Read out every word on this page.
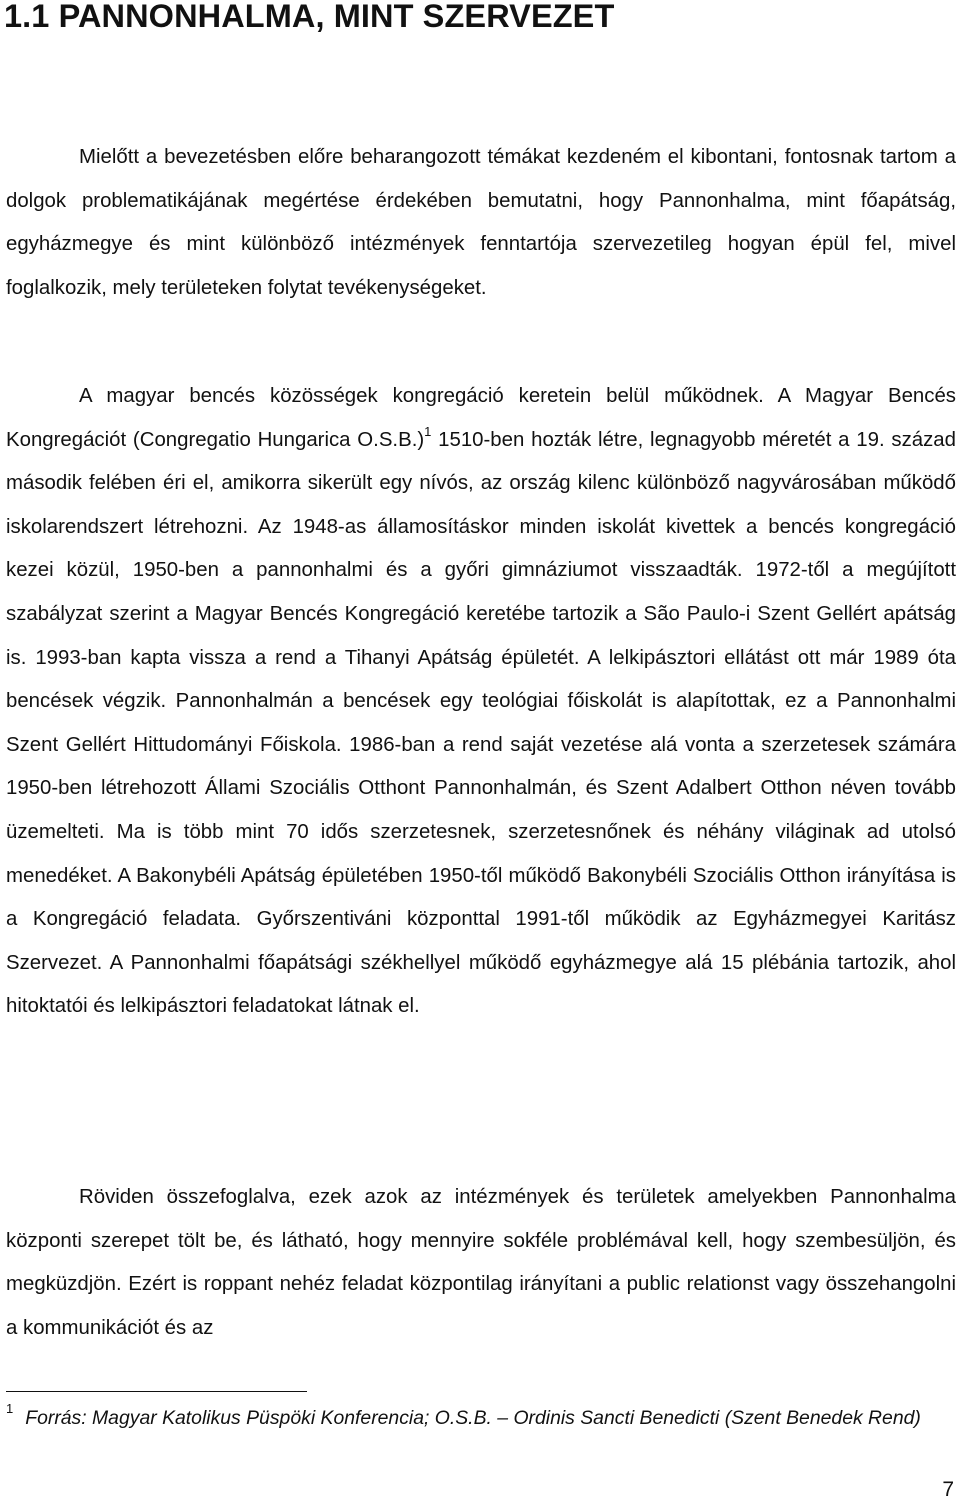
1.1 PANNONHALMA, MINT SZERVEZET

Mielőtt a bevezetésben előre beharangozott témákat kezdeném el kibontani, fontosnak tartom a dolgok problematikájának megértése érdekében bemutatni, hogy Pannonhalma, mint főapátság, egyházmegye és mint különböző intézmények fenntartója szervezetileg hogyan épül fel, mivel foglalkozik, mely területeken folytat tevékenységeket.

A magyar bencés közösségek kongregáció keretein belül működnek. A Magyar Bencés Kongregációt (Congregatio Hungarica O.S.B.)$^1$ 1510-ben hozták létre, legnagyobb méretét a 19. század második felében éri el, amikorra sikerült egy nívós, az ország kilenc különböző nagyvárosában működő iskolarendszert létrehozni. Az 1948-as államosításkor minden iskolát kivettek a bencés kongregáció kezei közül, 1950-ben a pannonhalmi és a győri gimnáziumot visszaadták. 1972-től a megújított szabályzat szerint a Magyar Bencés Kongregáció keretébe tartozik a São Paulo-i Szent Gellért apátság is. 1993-ban kapta vissza a rend a Tihanyi Apátság épületét. A lelkipásztori ellátást ott már 1989 óta bencések végzik. Pannonhalmán a bencések egy teológiai főiskolát is alapítottak, ez a Pannonhalmi Szent Gellért Hittudományi Főiskola. 1986-ban a rend saját vezetése alá vonta a szerzetesek számára 1950-ben létrehozott Állami Szociális Otthont Pannonhalmán, és Szent Adalbert Otthon néven tovább üzemelteti. Ma is több mint 70 idős szerzetesnek, szerzetesnőnek és néhány világinak ad utolsó menedéket. A Bakonybéli Apátság épületében 1950-től működő Bakonybéli Szociális Otthon irányítása is a Kongregáció feladata. Győrszentiváni központtal 1991-től működik az Egyházmegyei Karitász Szervezet. A Pannonhalmi főapátsági székhellyel működő egyházmegye alá 15 plébánia tartozik, ahol hitoktatói és lelkipásztori feladatokat látnak el.

Röviden összefoglalva, ezek azok az intézmények és területek amelyekben Pannonhalma központi szerepet tölt be, és látható, hogy mennyire sokféle problémával kell, hogy szembesüljön, és megküzdjön. Ezért is roppant nehéz feladat központilag irányítani a public relationst vagy összehangolni a kommunikációt és az

$^1$ Forrás: Magyar Katolikus Püspöki Konferencia; O.S.B. – Ordinis Sancti Benedicti (Szent Benedek Rend)

7
